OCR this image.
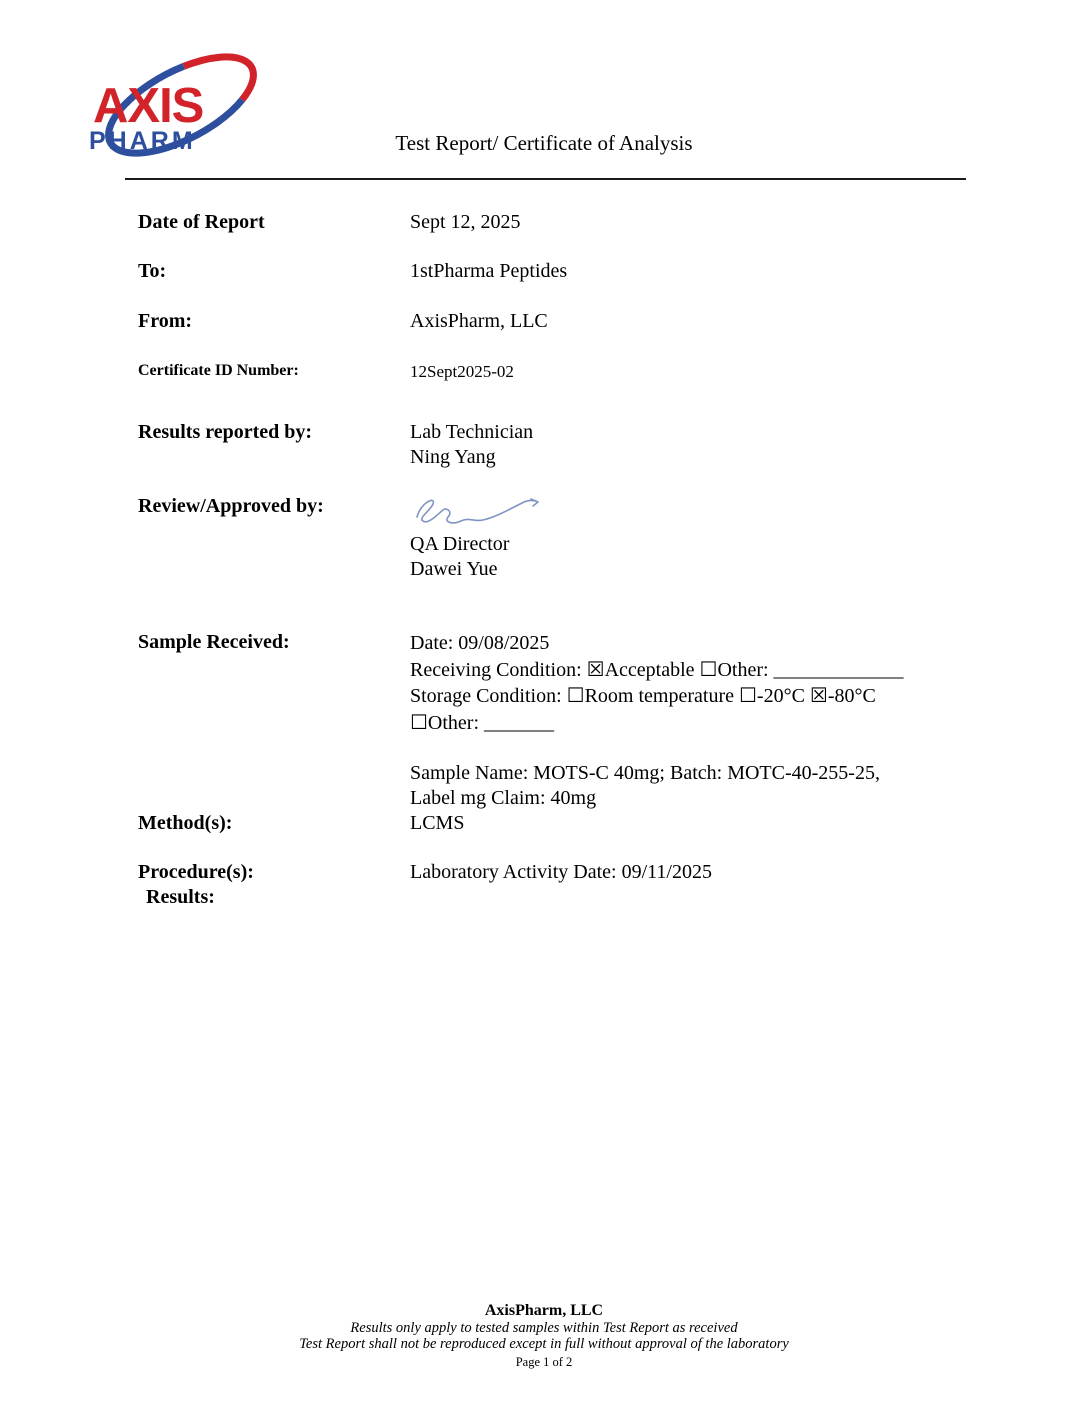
AXIS
PHARM	Test Report/ Certificate of Analysis
Date of Report	Sept 12, 2025
To:	1stPharma Peptides
From:	AxisPharm, LLC
Certificate ID Number:	12Sept2025-02
Results reported by:	Lab Technician
Ning Yang
Review/Approved by:
QA Director
Dawei Yue
Sample Received:	Date: 09/08/2025
Receiving Condition: ☒Acceptable ☐Other: _____________
Storage Condition: ☐Room temperature ☐-20°C ☒-80°C
☐Other: _______
Sample Name: MOTS-C 40mg; Batch: MOTC-40-255-25,
Label mg Claim: 40mg
Method(s):	LCMS
Procedure(s):	Laboratory Activity Date: 09/11/2025
Results:
AxisPharm, LLC
Results only apply to tested samples within Test Report as received
Test Report shall not be reproduced except in full without approval of the laboratory
Page 1 of 2
